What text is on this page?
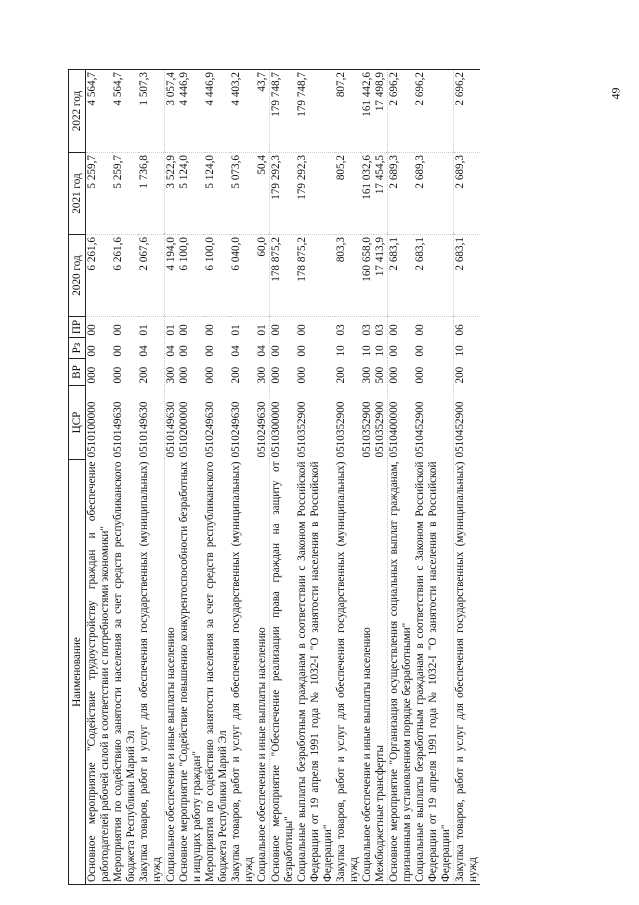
49
Наименование	ЦСР	ВР	Рз	ПР	2020 год	2021 год	2022 год
Основное мероприятие "Содействие трудоустройству граждан и обеспечение работодателей рабочей силой в соответствии с потребностями экономики"	0510100000	000	00	00	6 261,6	5 259,7	4 564,7
Мероприятия по содействию занятости населения за счет средств республиканского бюджета Республики Марий Эл	0510149630	000	00	00	6 261,6	5 259,7	4 564,7
Закупка товаров, работ и услуг для обеспечения государственных (муниципальных) нужд	0510149630	200	04	01	2 067,6	1 736,8	1 507,3
Социальное обеспечение и иные выплаты населению	0510149630	300	04	01	4 194,0	3 522,9	3 057,4
Основное мероприятие "Содействие повышению конкурентоспособности безработных и ищущих работу граждан"	0510200000	000	00	00	6 100,0	5 124,0	4 446,9
Мероприятия по содействию занятости населения за счет средств республиканского бюджета Республики Марий Эл	0510249630	000	00	00	6 100,0	5 124,0	4 446,9
Закупка товаров, работ и услуг для обеспечения государственных (муниципальных) нужд	0510249630	200	04	01	6 040,0	5 073,6	4 403,2
Социальное обеспечение и иные выплаты населению	0510249630	300	04	01	60,0	50,4	43,7
Основное мероприятие "Обеспечение реализации права граждан на защиту от безработицы"	0510300000	000	00	00	178 875,2	179 292,3	179 748,7
Социальные выплаты безработным гражданам в соответствии с Законом Российской Федерации от 19 апреля 1991 года № 1032-I "О занятости населения в Российской Федерации"	0510352900	000	00	00	178 875,2	179 292,3	179 748,7
Закупка товаров, работ и услуг для обеспечения государственных (муниципальных) нужд	0510352900	200	10	03	803,3	805,2	807,2
Социальное обеспечение и иные выплаты населению	0510352900	300	10	03	160 658,0	161 032,6	161 442,6
Межбюджетные трансферты	0510352900	500	10	03	17 413,9	17 454,5	17 498,9
Основное мероприятие "Организация осуществления социальных выплат гражданам, признанным в установленном порядке безработными"	0510400000	000	00	00	2 683,1	2 689,3	2 696,2
Социальные выплаты безработным гражданам в соответствии с Законом Российской Федерации от 19 апреля 1991 года № 1032-I "О занятости населения в Российской Федерации"	0510452900	000	00	00	2 683,1	2 689,3	2 696,2
Закупка товаров, работ и услуг для обеспечения государственных (муниципальных) нужд	0510452900	200	10	06	2 683,1	2 689,3	2 696,2
